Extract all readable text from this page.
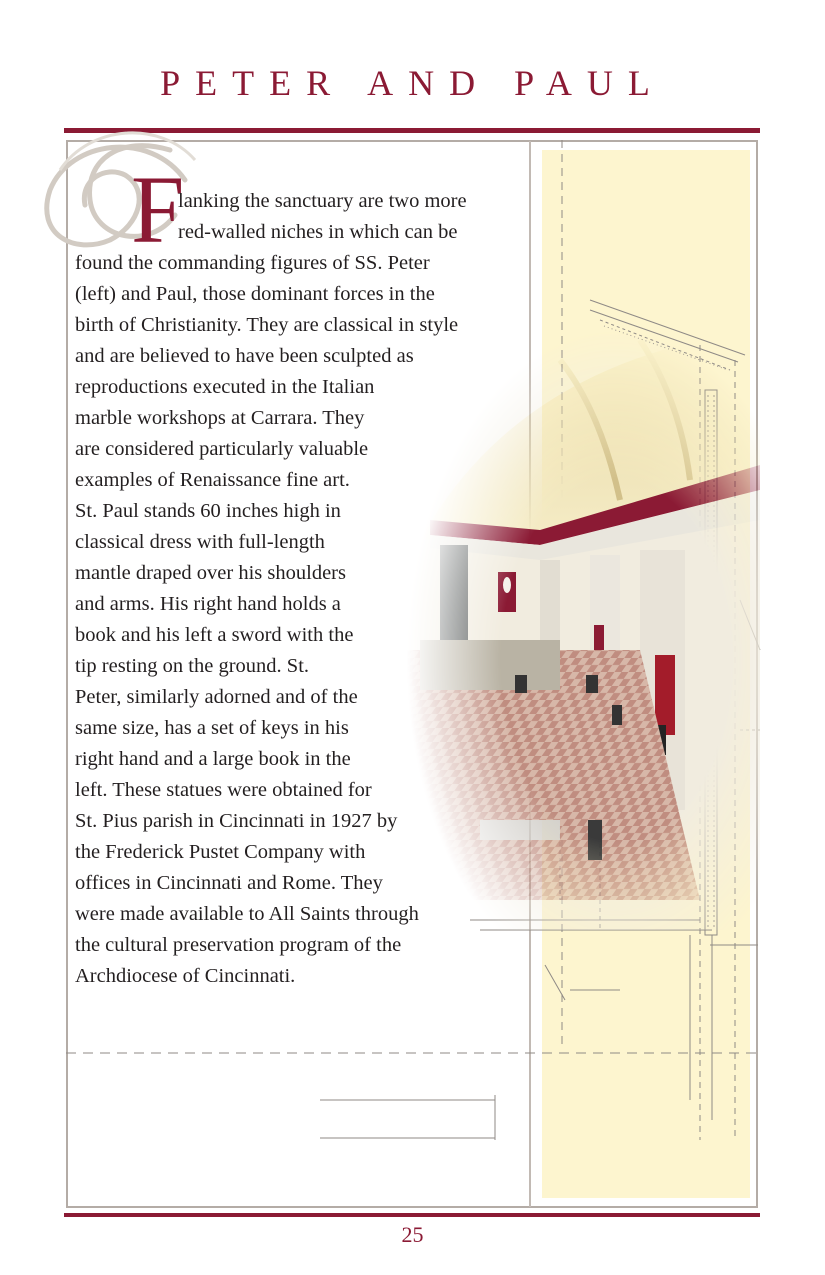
PETER AND PAUL
F
lanking the sanctuary are two more
red-walled niches in which can be
found the commanding figures of SS. Peter
(left) and Paul, those dominant forces in the
birth of Christianity. They are classical in style
and are believed to have been sculpted as
reproductions executed in the Italian
marble workshops at Carrara. They
are considered particularly valuable
examples of Renaissance fine art.
St. Paul stands 60 inches high in
classical dress with full-length
mantle draped over his shoulders
and arms. His right hand holds a
book and his left a sword with the
tip resting on the ground. St.
Peter, similarly adorned and of the
same size, has a set of keys in his
right hand and a large book in the
left. These statues were obtained for
St. Pius parish in Cincinnati in 1927 by
the Frederick Pustet Company with
offices in Cincinnati and Rome. They
were made available to All Saints through
the cultural preservation program of the
Archdiocese of Cincinnati.
25
